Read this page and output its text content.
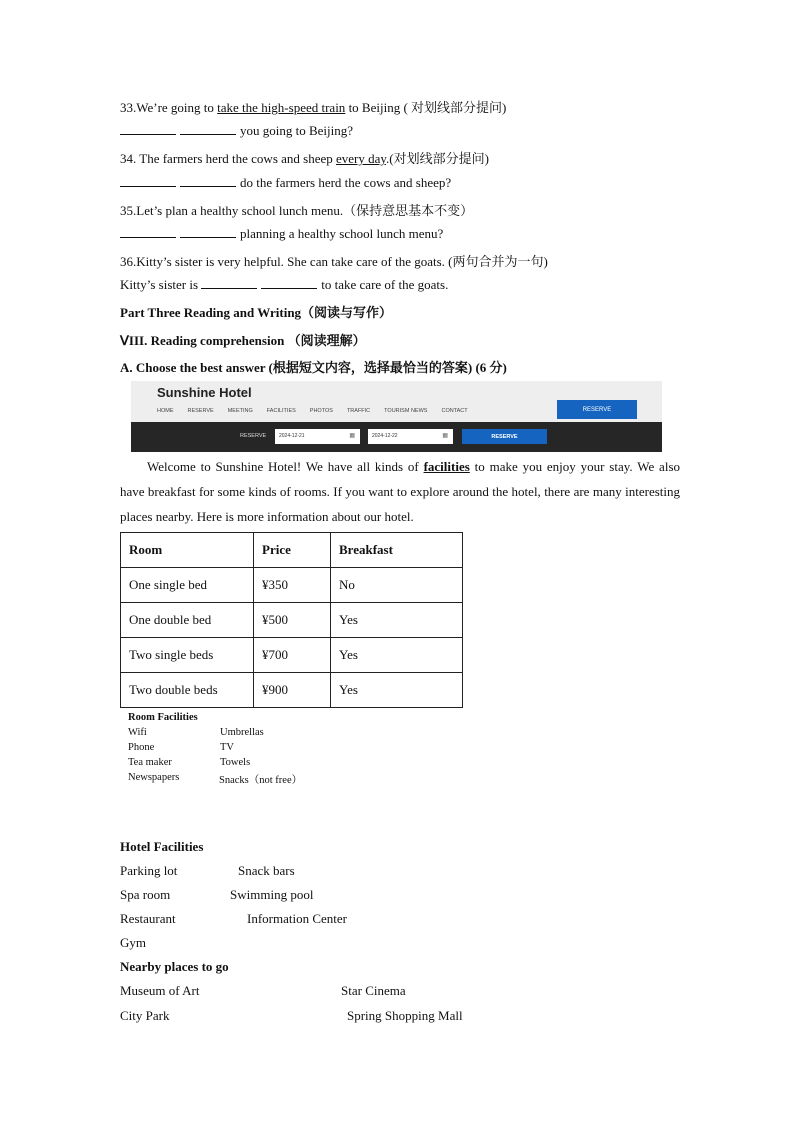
33.We’re going to take the high-speed train to Beijing ( 对划线部分提问)
you going to Beijing?
34. The farmers herd the cows and sheep every day.(对划线部分提问)
do the farmers herd the cows and sheep?
35.Let’s plan a healthy school lunch menu.（保持意思基本不变）
planning a healthy school lunch menu?
36.Kitty’s sister is very helpful. She can take care of the goats. (两句合并为一句)
Kitty’s sister is	to take care of the goats.
Part Three Reading and Writing（阅读与写作）
ⅤIII. Reading comprehension （阅读理解）
A. Choose the best answer (根据短文内容，选择最恰当的答案) (6 分)
Sunshine Hotel
HOME	RESERVE	MEETING	FACILITIES	PHOTOS	TRAFFIC	TOURISM NEWS	CONTACT	RESERVE
RESERVE	2024-12-21	▦	2024-12-22	▦	RESERVE
Welcome to Sunshine Hotel! We have all kinds of facilities to make you enjoy your stay. We also have breakfast for some kinds of rooms. If you want to explore around the hotel, there are many interesting places nearby. Here is more information about our hotel.
Room	Price	Breakfast
One single bed	¥350	No
One double bed	¥500	Yes
Two single beds	¥700	Yes
Two double beds	¥900	Yes
Room Facilities
Wifi	Umbrellas
Phone	TV
Tea maker	Towels
Newspapers	Snacks（not free）
Hotel Facilities
Parking lot	Snack bars
Spa room	Swimming pool
Restaurant	Information Center
Gym
Nearby places to go
Museum of Art	Star Cinema
City Park	Spring Shopping Mall
